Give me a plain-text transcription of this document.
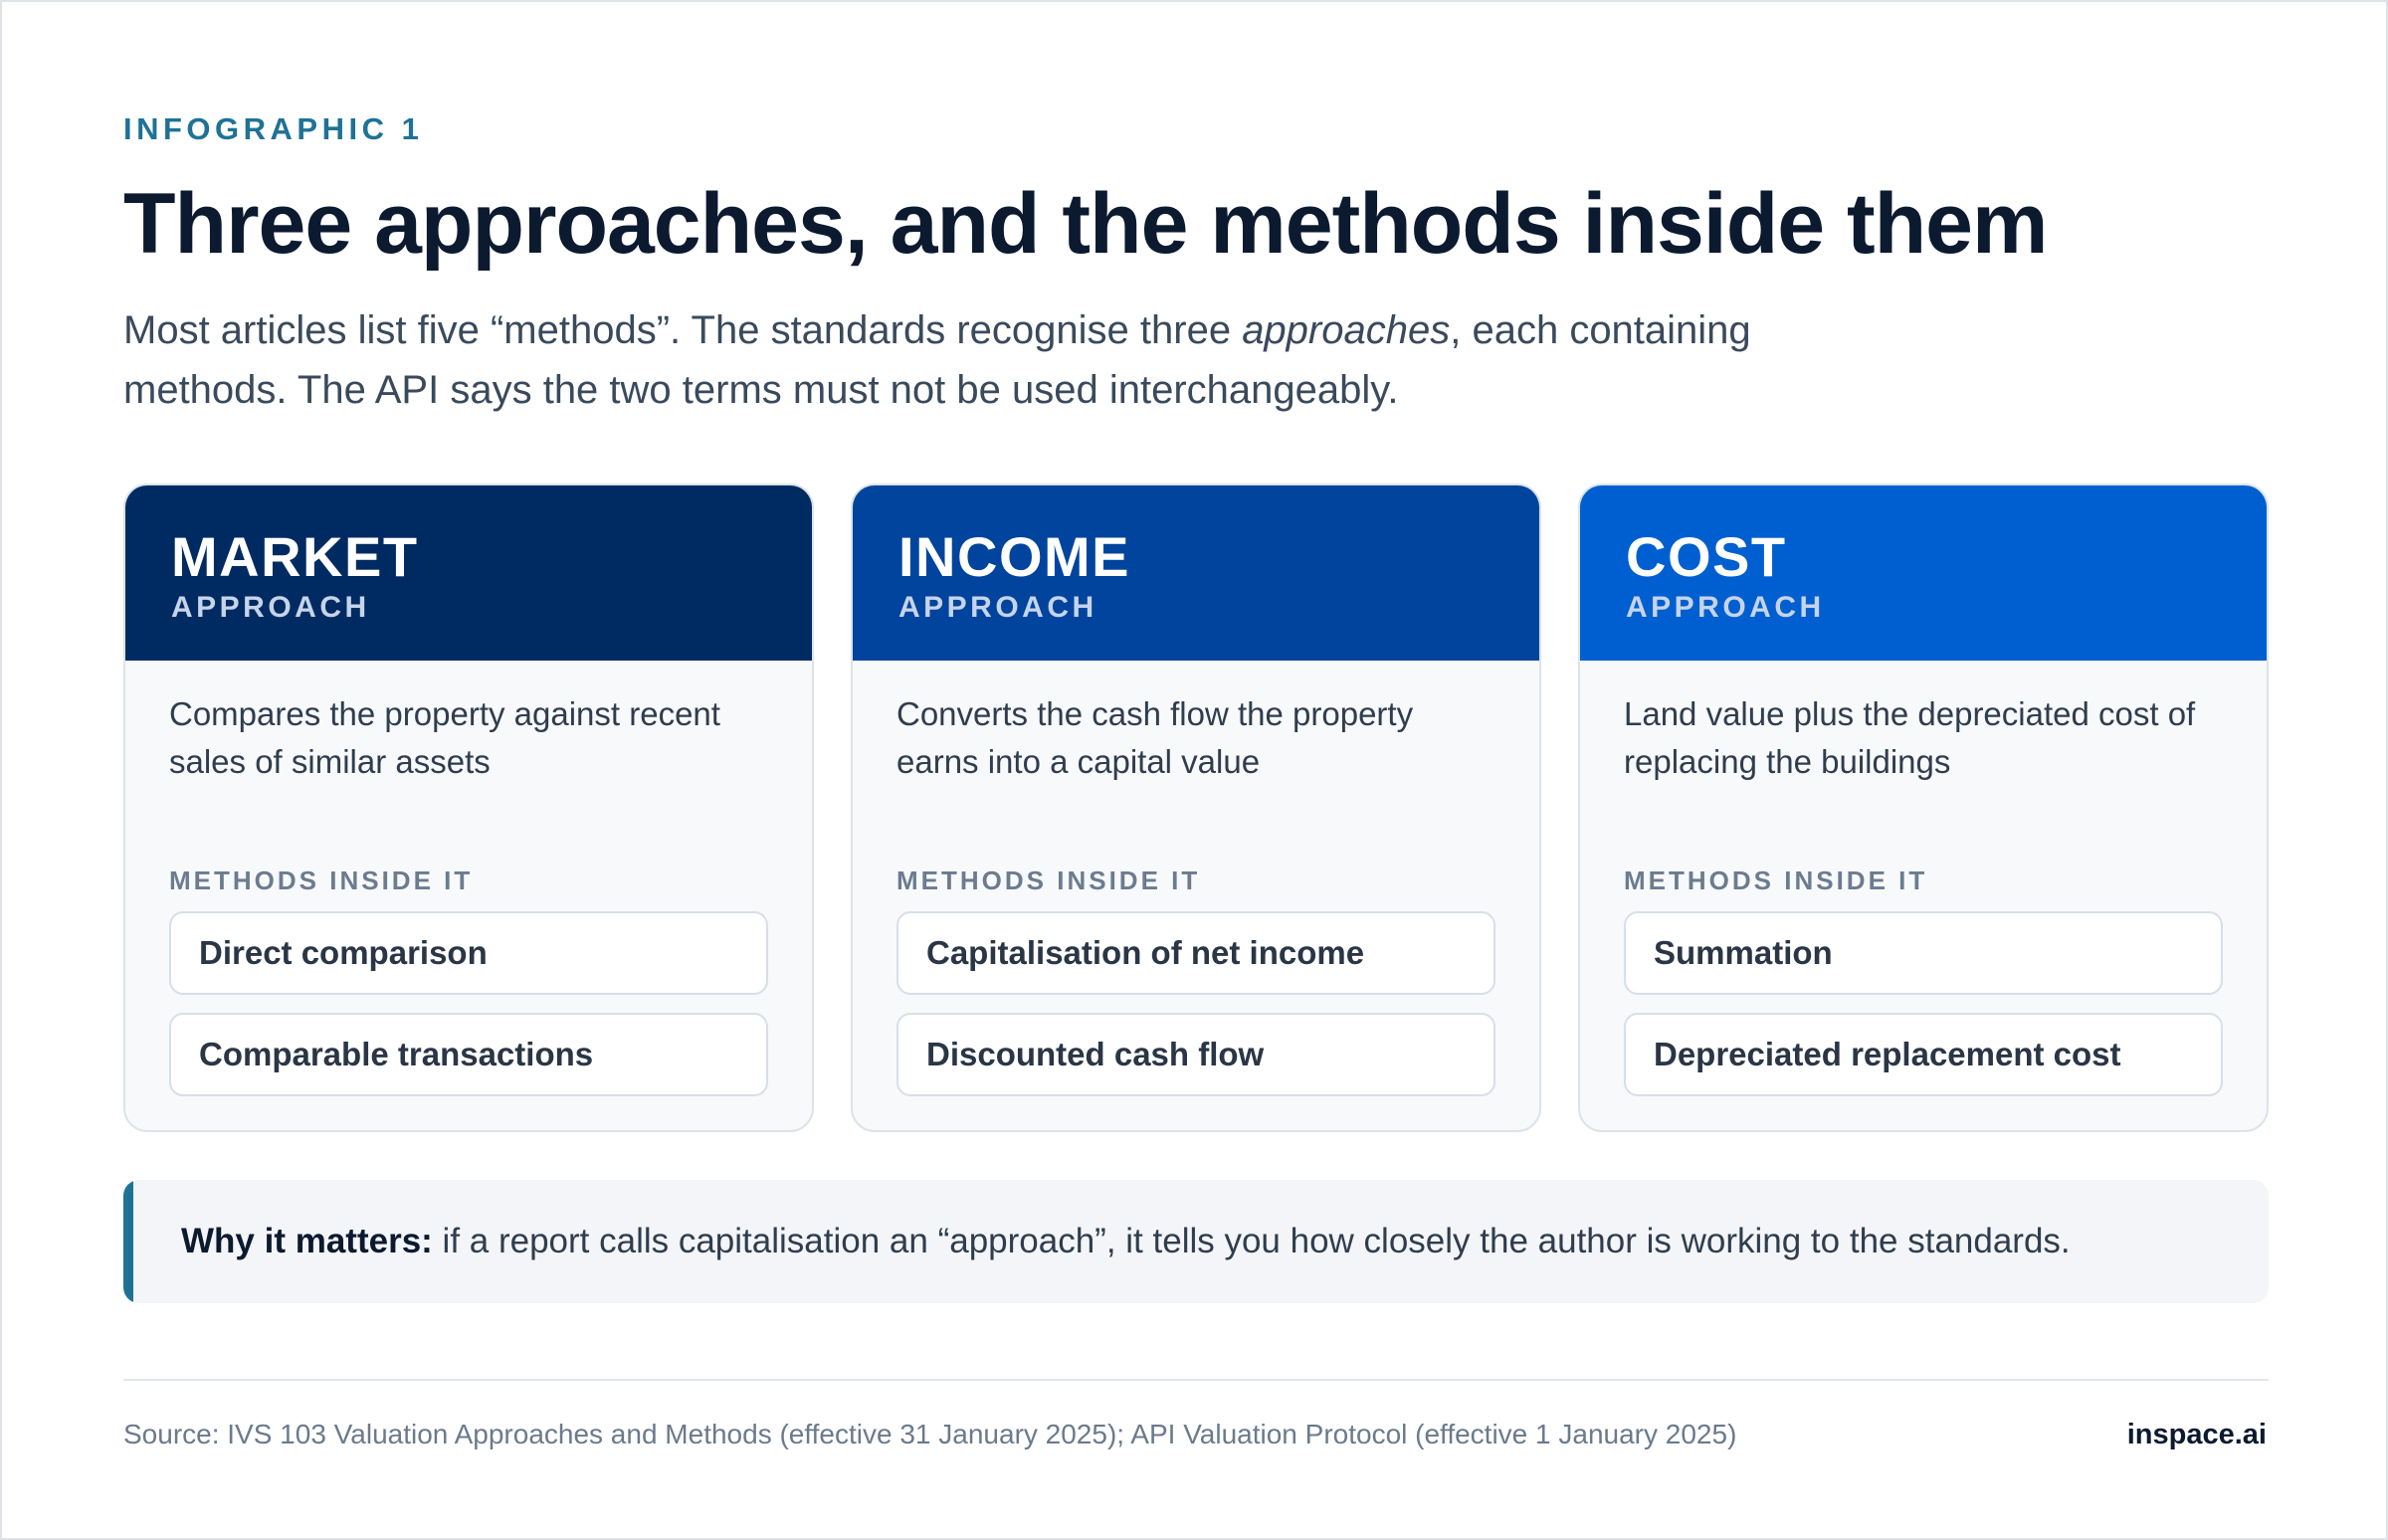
INFOGRAPHIC 1
Three approaches, and the methods inside them

Most articles list five “methods”. The standards recognise three approaches, each containing methods. The API says the two terms must not be used interchangeably.

MARKET
APPROACH

Compares the property against recent sales of similar assets

METHODS INSIDE IT
Direct comparison
Comparable transactions
INCOME
APPROACH

Converts the cash flow the property earns into a capital value

METHODS INSIDE IT
Capitalisation of net income
Discounted cash flow
COST
APPROACH

Land value plus the depreciated cost of replacing the buildings

METHODS INSIDE IT
Summation
Depreciated replacement cost
Why it matters: if a report calls capitalisation an “approach”, it tells you how closely the author is working to the standards.
Source: IVS 103 Valuation Approaches and Methods (effective 31 January 2025); API Valuation Protocol (effective 1 January 2025)	inspace.ai
